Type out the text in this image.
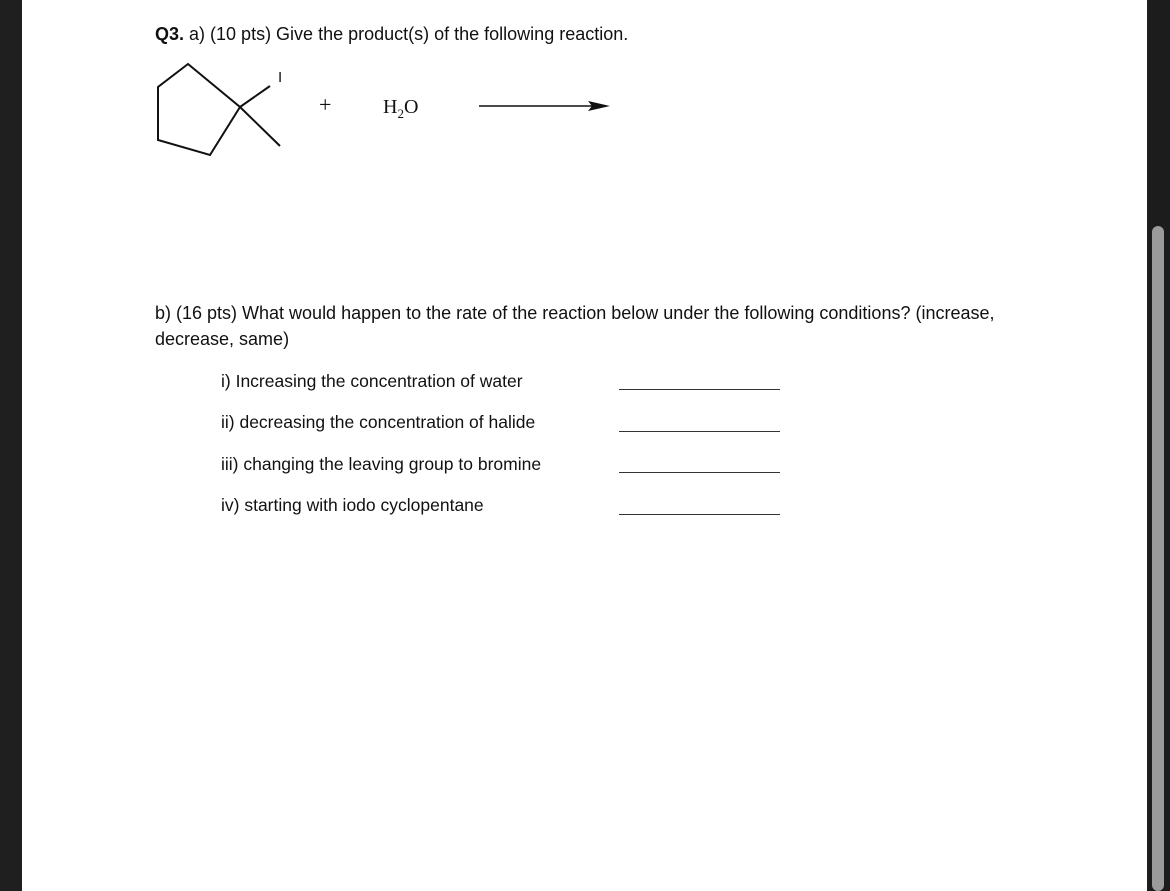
Q3. a) (10 pts) Give the product(s) of the following reaction.
I
+	$H_2O$
b) (16 pts) What would happen to the rate of the reaction below under the following conditions? (increase, decrease, same)
i) Increasing the concentration of water
ii) decreasing the concentration of halide
iii) changing the leaving group to bromine
iv) starting with iodo cyclopentane
